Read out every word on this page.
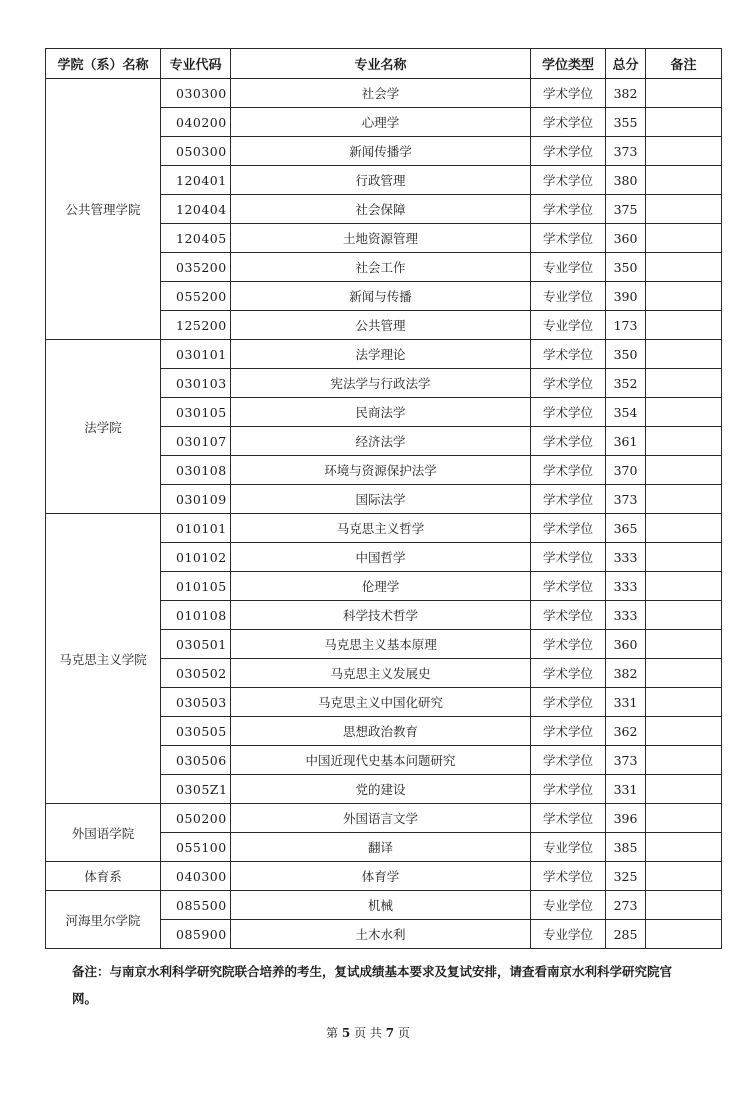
学院（系）名称	专业代码	专业名称	学位类型	总分	备注
公共管理学院	030300	社会学	学术学位	382	
	040200	心理学	学术学位	355	
	050300	新闻传播学	学术学位	373	
	120401	行政管理	学术学位	380	
	120404	社会保障	学术学位	375	
	120405	土地资源管理	学术学位	360	
	035200	社会工作	专业学位	350	
	055200	新闻与传播	专业学位	390	
	125200	公共管理	专业学位	173	
法学院	030101	法学理论	学术学位	350	
	030103	宪法学与行政法学	学术学位	352	
	030105	民商法学	学术学位	354	
	030107	经济法学	学术学位	361	
	030108	环境与资源保护法学	学术学位	370	
	030109	国际法学	学术学位	373	
马克思主义学院	010101	马克思主义哲学	学术学位	365	
	010102	中国哲学	学术学位	333	
	010105	伦理学	学术学位	333	
	010108	科学技术哲学	学术学位	333	
	030501	马克思主义基本原理	学术学位	360	
	030502	马克思主义发展史	学术学位	382	
	030503	马克思主义中国化研究	学术学位	331	
	030505	思想政治教育	学术学位	362	
	030506	中国近现代史基本问题研究	学术学位	373	
	0305Z1	党的建设	学术学位	331	
外国语学院	050200	外国语言文学	学术学位	396	
	055100	翻译	专业学位	385	
体育系	040300	体育学	学术学位	325	
河海里尔学院	085500	机械	专业学位	273	
	085900	土木水利	专业学位	285	
备注：与南京水利科学研究院联合培养的考生，复试成绩基本要求及复试安排，请查看南京水利科学研究院官网。
第 5 页 共 7 页
